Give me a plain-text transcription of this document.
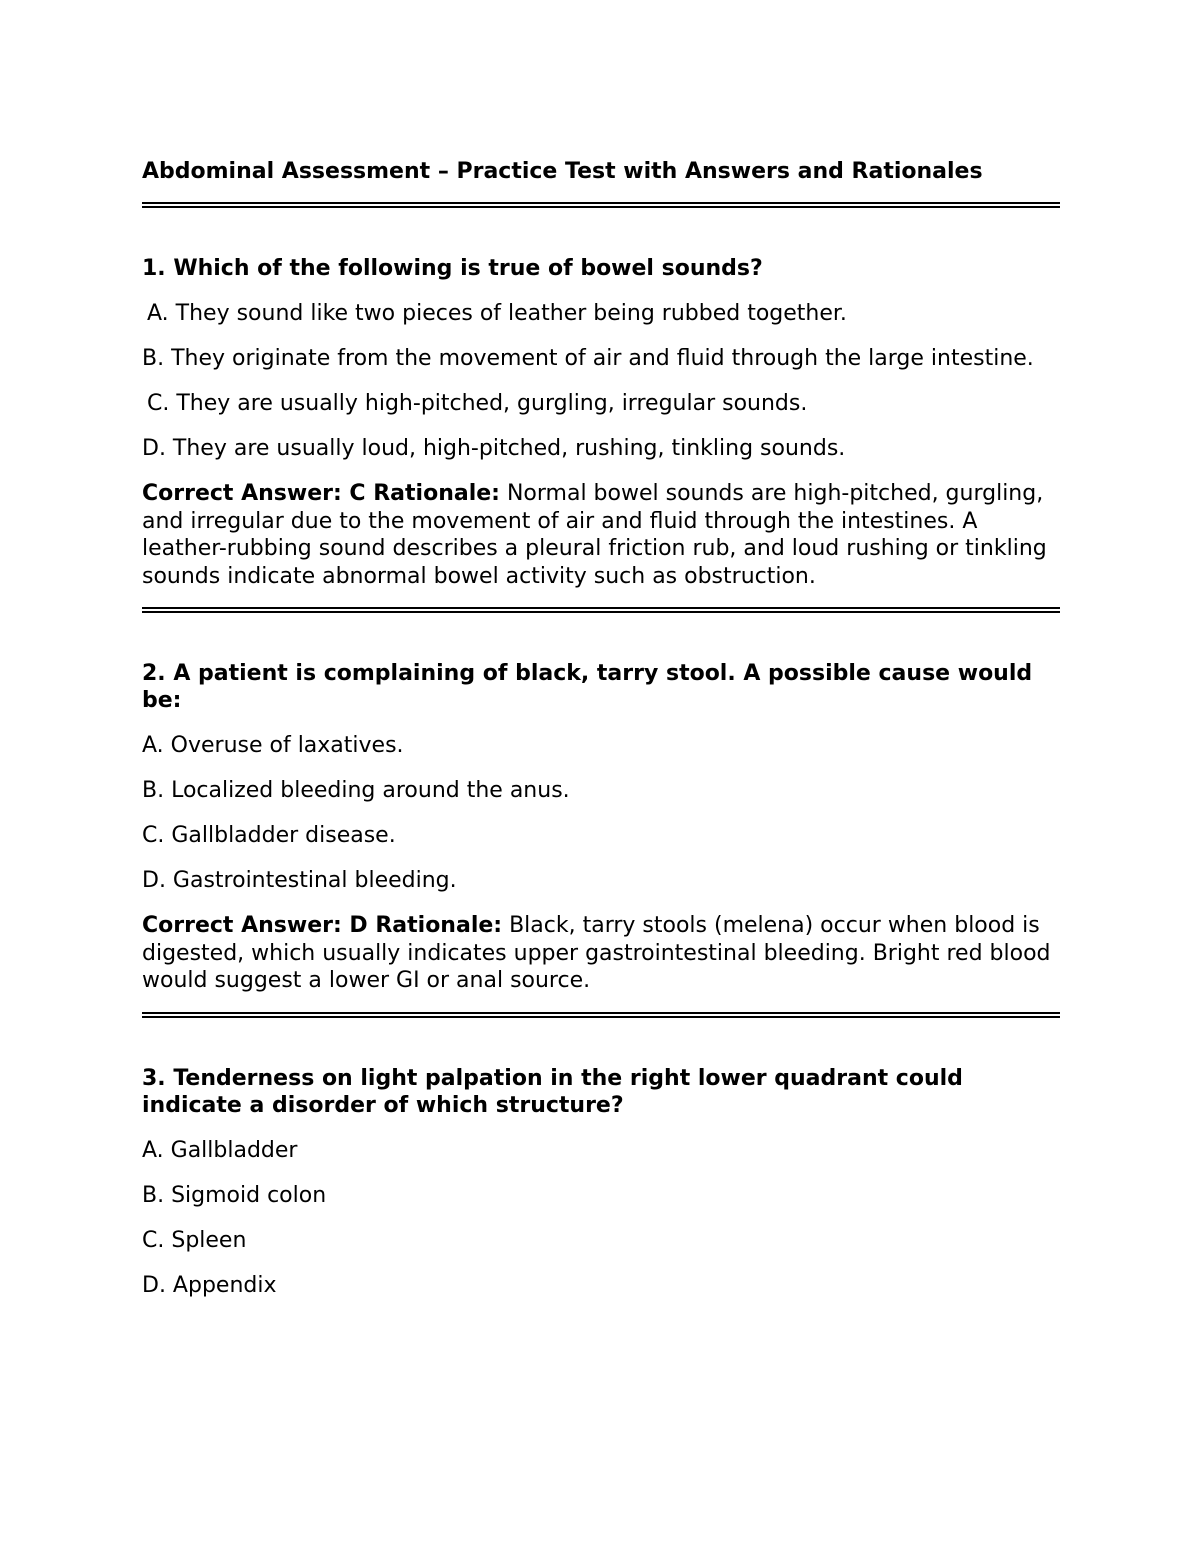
Abdominal Assessment – Practice Test with Answers and Rationales
1. Which of the following is true of bowel sounds?
A. They sound like two pieces of leather being rubbed together.
B. They originate from the movement of air and fluid through the large intestine.
C. They are usually high-pitched, gurgling, irregular sounds.
D. They are usually loud, high-pitched, rushing, tinkling sounds.
Correct Answer: C Rationale: Normal bowel sounds are high-pitched, gurgling, and irregular due to the movement of air and fluid through the intestines. A leather-rubbing sound describes a pleural friction rub, and loud rushing or tinkling sounds indicate abnormal bowel activity such as obstruction.
2. A patient is complaining of black, tarry stool. A possible cause would be:
A. Overuse of laxatives.
B. Localized bleeding around the anus.
C. Gallbladder disease.
D. Gastrointestinal bleeding.
Correct Answer: D Rationale: Black, tarry stools (melena) occur when blood is digested, which usually indicates upper gastrointestinal bleeding. Bright red blood would suggest a lower GI or anal source.
3. Tenderness on light palpation in the right lower quadrant could indicate a disorder of which structure?
A. Gallbladder
B. Sigmoid colon
C. Spleen
D. Appendix
